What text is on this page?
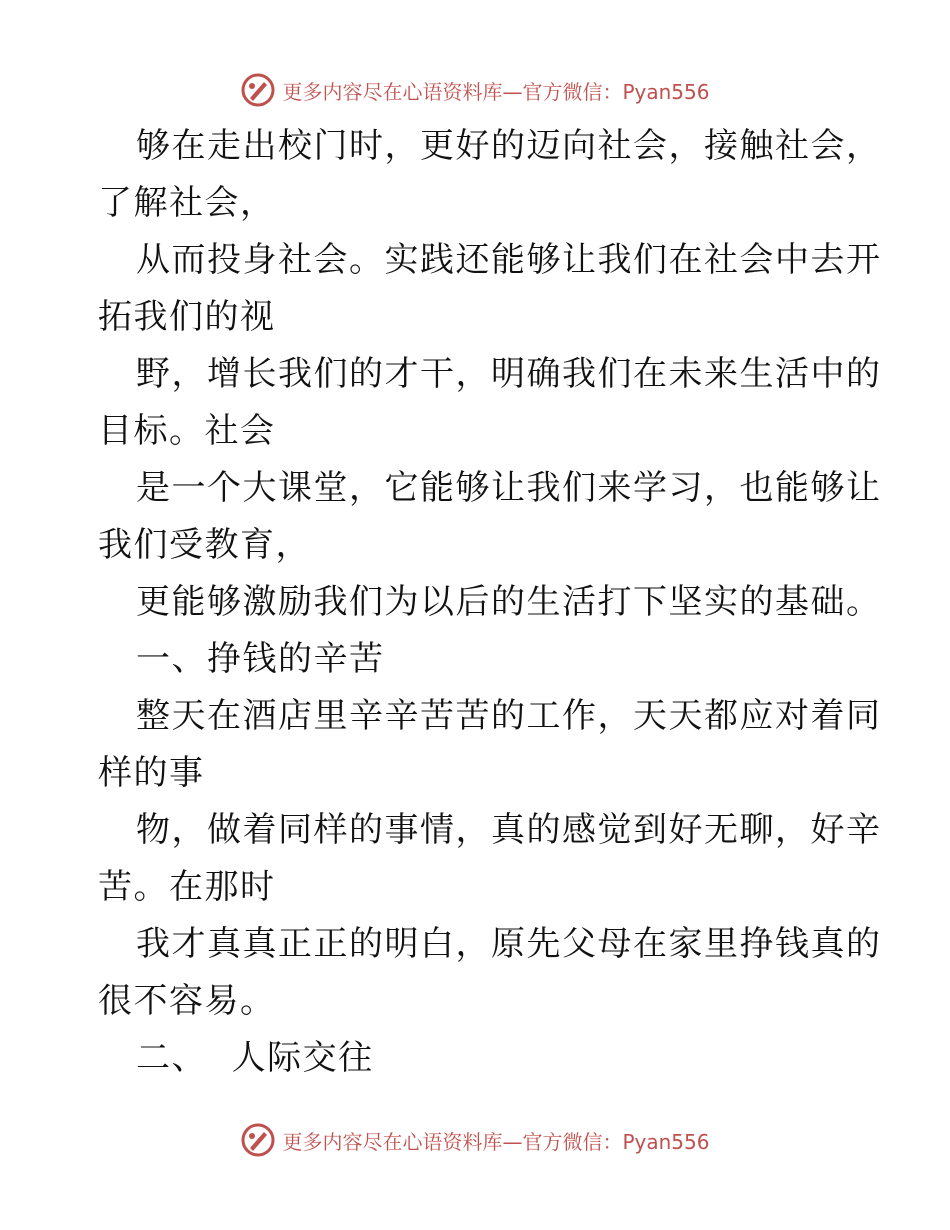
更多内容尽在心语资料库—官方微信：Pyan556
够在走出校门时，更好的迈向社会，接触社会，
了解社会，
从而投身社会。实践还能够让我们在社会中去开
拓我们的视
野，增长我们的才干，明确我们在未来生活中的
目标。社会
是一个大课堂，它能够让我们来学习，也能够让
我们受教育，
更能够激励我们为以后的生活打下坚实的基础。
一、挣钱的辛苦
整天在酒店里辛辛苦苦的工作，天天都应对着同
样的事
物，做着同样的事情，真的感觉到好无聊，好辛
苦。在那时
我才真真正正的明白，原先父母在家里挣钱真的
很不容易。
二、  人际交往
更多内容尽在心语资料库—官方微信：Pyan556
